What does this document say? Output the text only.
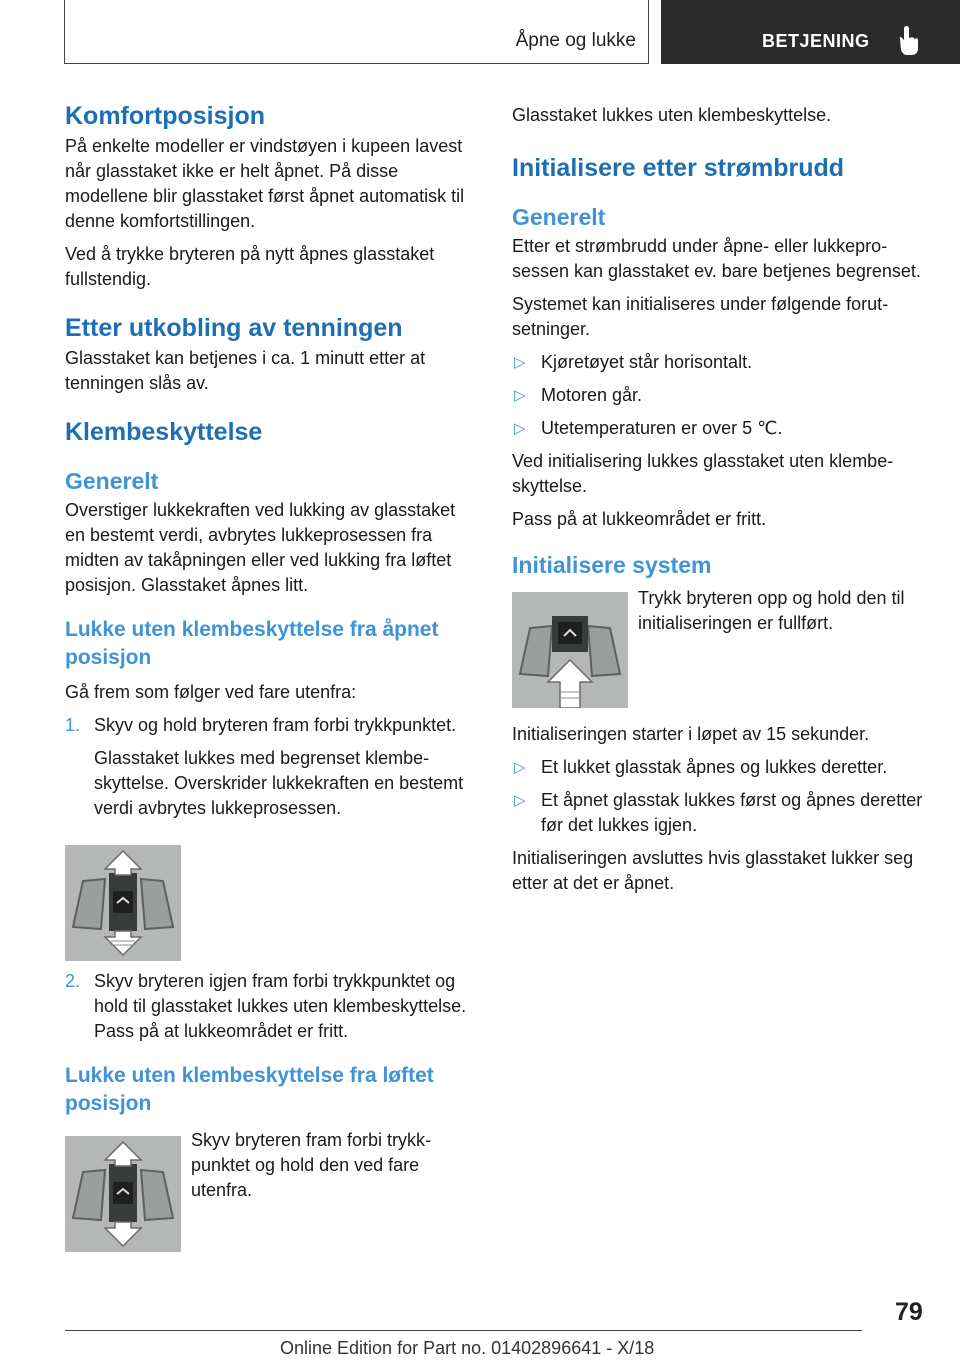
Åpne og lukke	BETJENING
Komfortposisjon

På enkelte modeller er vindstøyen i kupeen lavest når glasstaket ikke er helt åpnet. På disse modellene blir glasstaket først åpnet automatisk til denne komfortstillingen.

Ved å trykke bryteren på nytt åpnes glasstaket fullstendig.

Etter utkobling av tenningen

Glasstaket kan betjenes i ca. 1 minutt etter at tenningen slås av.

Klembeskyttelse
Generelt

Overstiger lukkekraften ved lukking av glasstaket en bestemt verdi, avbrytes lukkeprosessen fra midten av takåpningen eller ved lukking fra løftet posisjon. Glasstaket åpnes litt.

Lukke uten klembeskyttelse fra åpnet posisjon

Gå frem som følger ved fare utenfra:

1. Skyv og hold bryteren fram forbi trykkpunktet.
Glasstaket lukkes med begrenset klembeskyttelse. Overskrider lukkekraften en bestemt verdi avbrytes lukkeprosessen.
2. Skyv bryteren igjen fram forbi trykkpunktet og hold til glasstaket lukkes uten klembeskyttelse. Pass på at lukkeområdet er fritt.
Lukke uten klembeskyttelse fra løftet posisjon

Skyv bryteren fram forbi trykkpunktet og hold den ved fare utenfra.

Glasstaket lukkes uten klembeskyttelse.

Initialisere etter strømbrudd
Generelt

Etter et strømbrudd under åpne- eller lukkeprosessen kan glasstaket ev. bare betjenes begrenset.

Systemet kan initialiseres under følgende forutsetninger.

▷ Kjøretøyet står horisontalt.
▷ Motoren går.
▷ Utetemperaturen er over 5 ℃.

Ved initialisering lukkes glasstaket uten klembeskyttelse.

Pass på at lukkeområdet er fritt.

Initialisere system

Trykk bryteren opp og hold den til initialiseringen er fullført.

Initialiseringen starter i løpet av 15 sekunder.

▷ Et lukket glasstak åpnes og lukkes deretter.
▷ Et åpnet glasstak lukkes først og åpnes deretter før det lukkes igjen.

Initialiseringen avsluttes hvis glasstaket lukker seg etter at det er åpnet.

79
Online Edition for Part no. 01402896641 - X/18
